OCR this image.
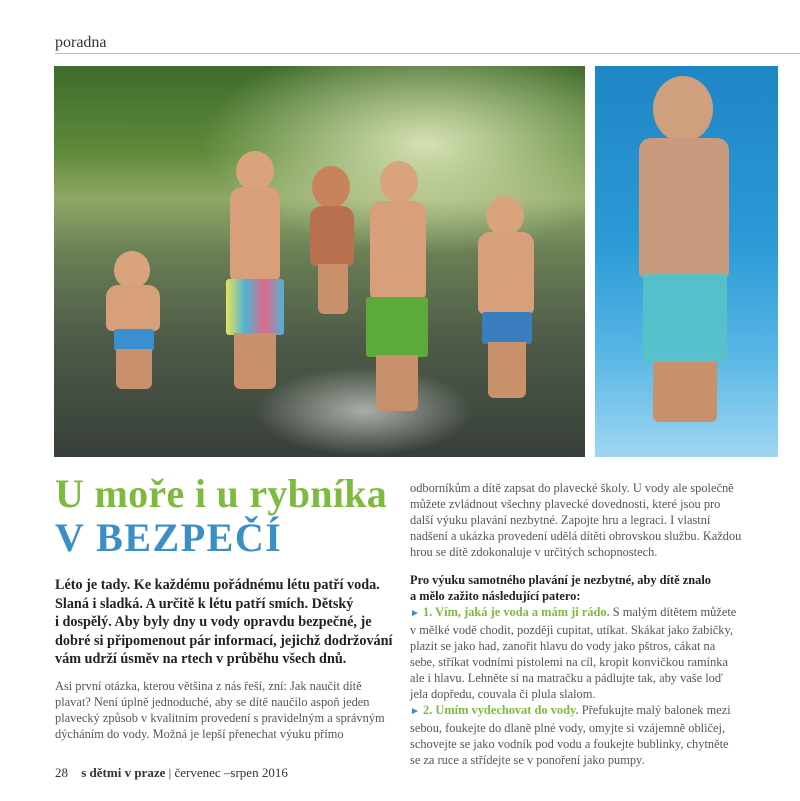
poradna
U moře i u rybníka
V BEZPEČÍ
Léto je tady. Ke každému pořádnému létu patří voda.
Slaná i sladká. A určitě k létu patří smích. Dětský
i dospělý. Aby byly dny u vody opravdu bezpečné, je
dobré si připomenout pár informací, jejichž dodržování
vám udrží úsměv na rtech v průběhu všech dnů.
Asi první otázka, kterou většina z nás řeší, zní: Jak naučit dítě
plavat? Není úplně jednoduché, aby se dítě naučilo aspoň jeden
plavecký způsob v kvalitním provedení s pravidelným a správným
dýcháním do vody. Možná je lepší přenechat výuku přímo
odborníkům a dítě zapsat do plavecké školy. U vody ale společně
můžete zvládnout všechny plavecké dovednosti, které jsou pro
další výuku plavání nezbytné. Zapojte hru a legraci. I vlastní
nadšení a ukázka provedení udělá dítěti obrovskou službu. Každou
hrou se dítě zdokonaluje v určitých schopnostech.
Pro výuku samotného plavání je nezbytné, aby dítě znalo
a mělo zažito následující patero:
► 1. Vím, jaká je voda a mám ji rádo. S malým dítětem můžete
v mělké vodě chodit, později cupitat, utíkat. Skákat jako žabičky,
plazit se jako had, zanořit hlavu do vody jako pštros, cákat na
sebe, stříkat vodními pistolemi na cíl, kropit konvičkou ramínka
ale i hlavu. Lehněte si na matračku a pádlujte tak, aby vaše loď
jela dopředu, couvala či plula slalom.
► 2. Umím vydechovat do vody. Přefukujte malý balonek mezi
sebou, foukejte do dlaně plné vody, omyjte si vzájemně obličej,
schovejte se jako vodník pod vodu a foukejte bublinky, chytněte
se za ruce a střídejte se v ponoření jako pumpy.
28 s dětmi v praze | červenec –srpen 2016
